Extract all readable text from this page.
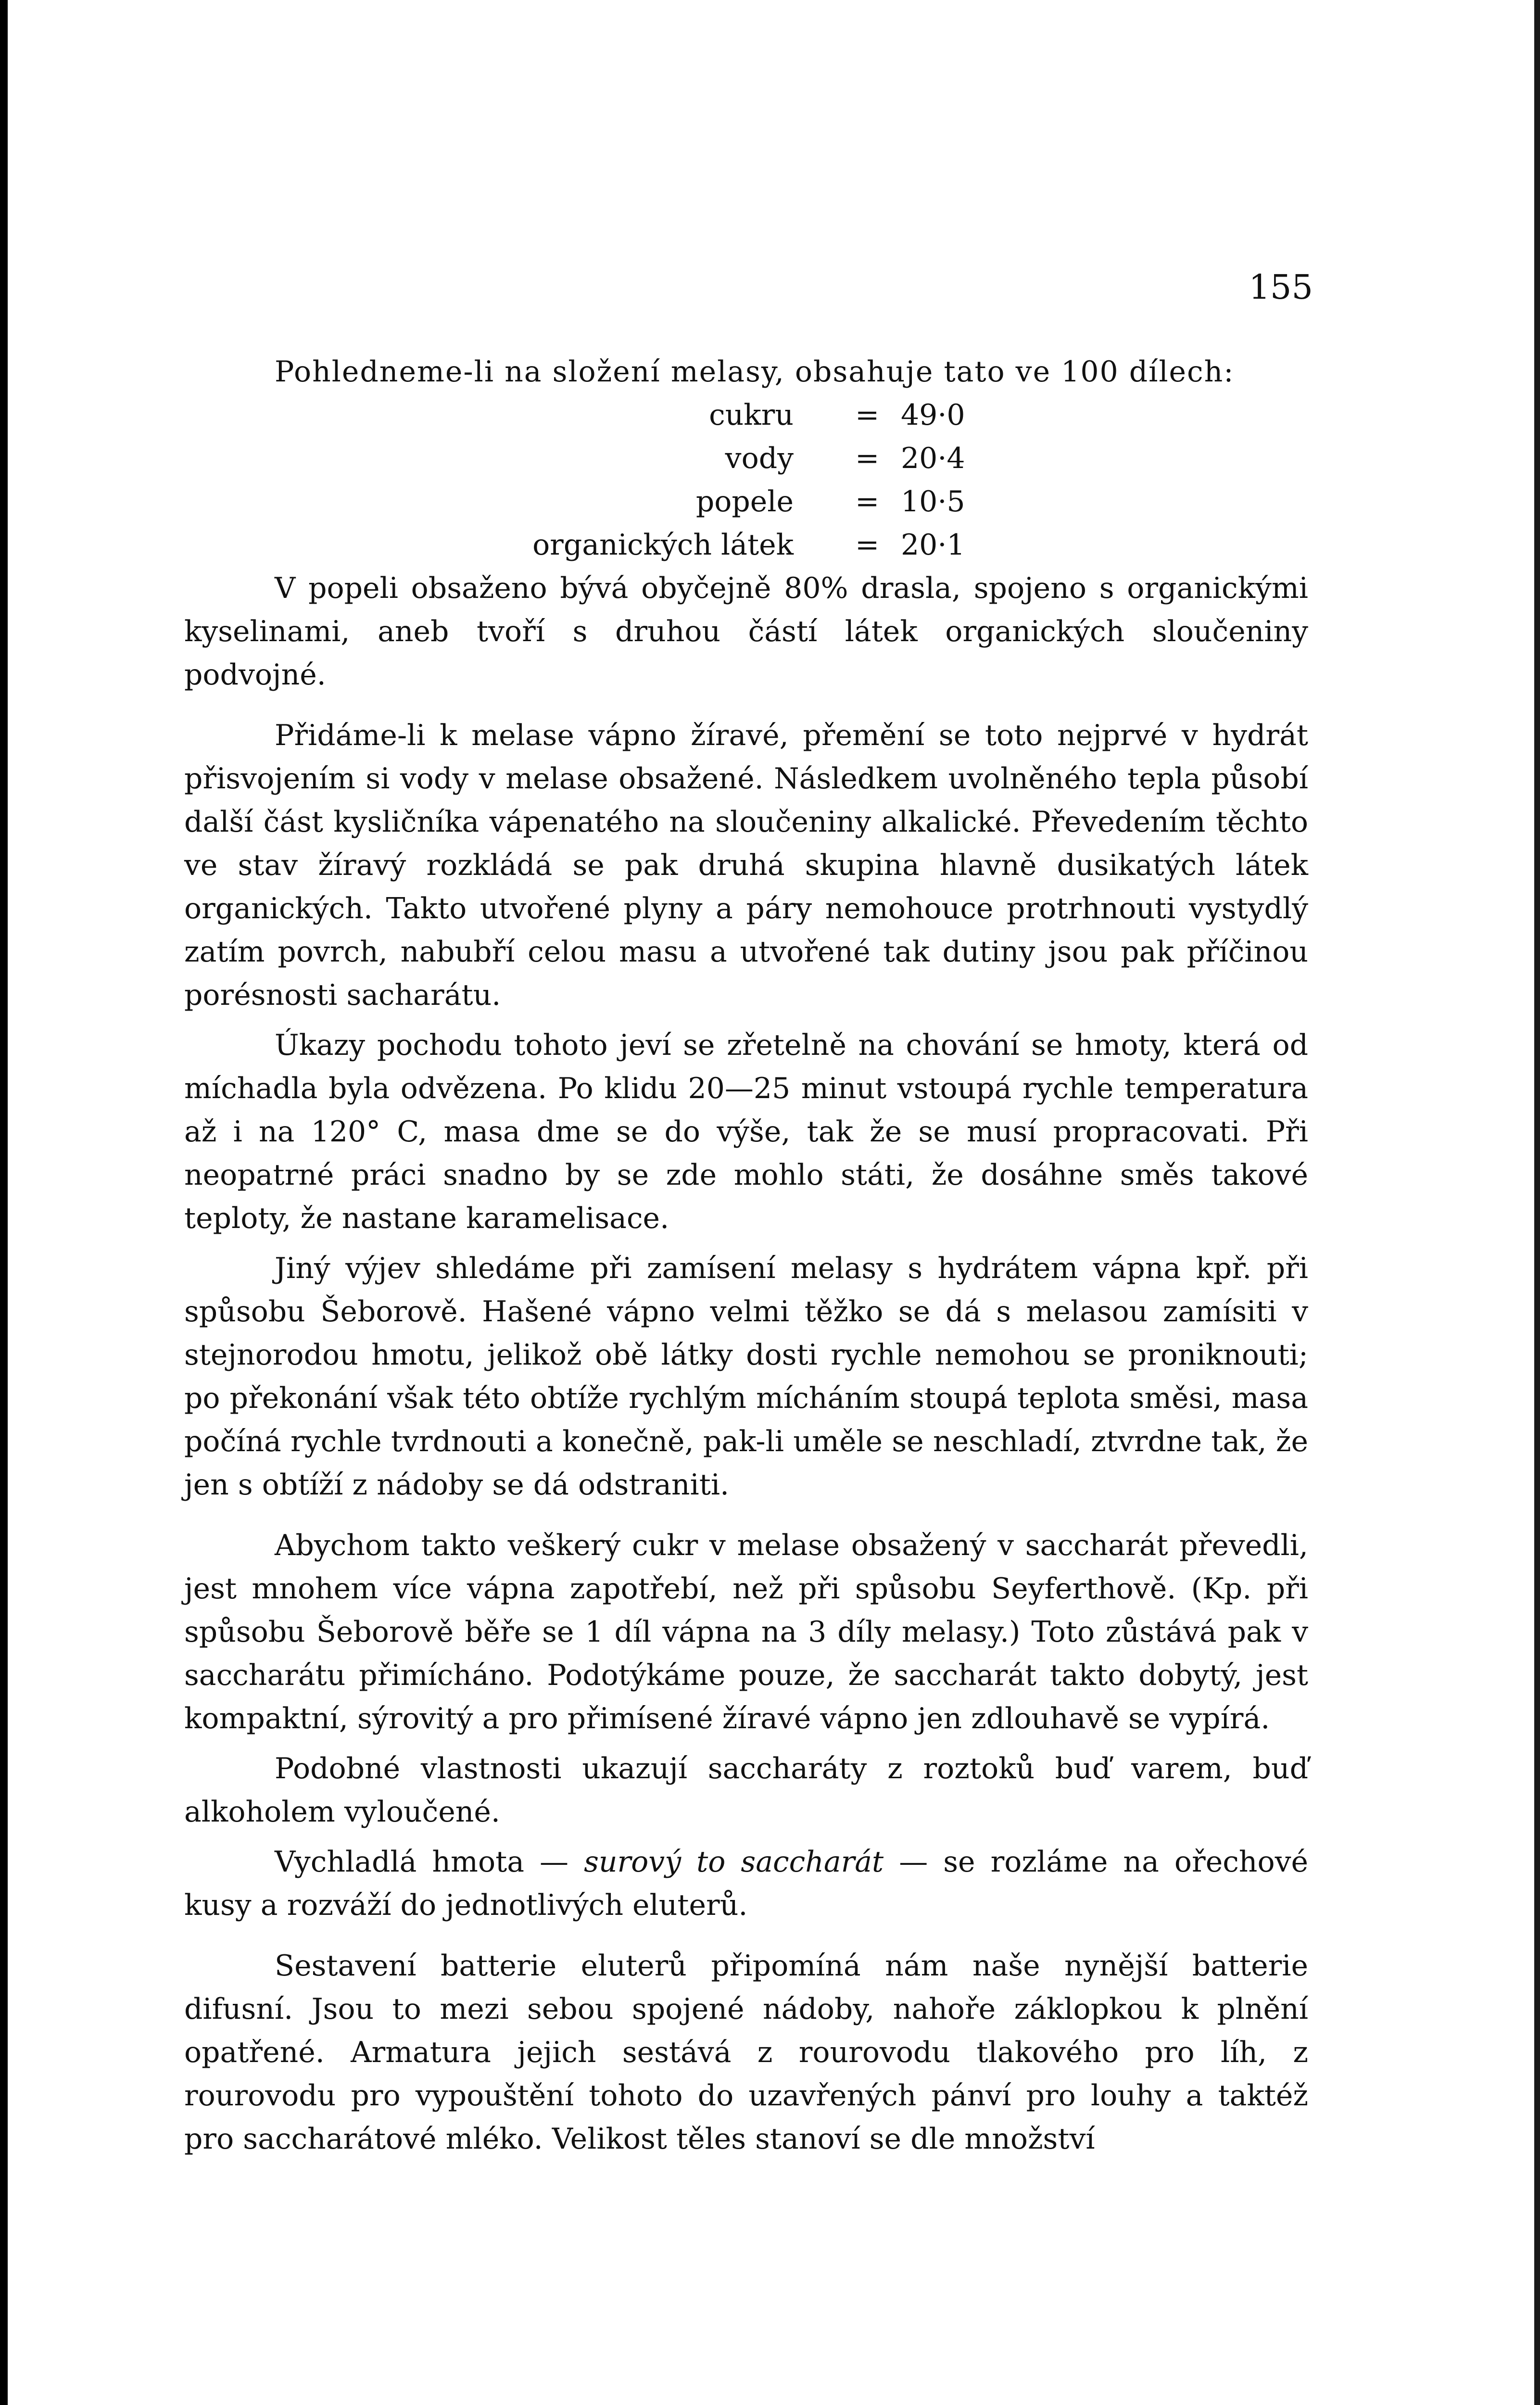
155

Pohledneme-li na složení melasy, obsahuje tato ve 100 dílech:

cukru = 49·0
vody = 20·4
popele = 10·5
organických látek = 20·1

V popeli obsaženo bývá obyčejně 80% drasla, spojeno s organickými kyselinami, aneb tvoří s druhou částí látek organických sloučeniny podvojné.

Přidáme-li k melase vápno žíravé, přemění se toto nejprvé v hydrát přisvojením si vody v melase obsažené. Následkem uvolněného tepla působí další část kysličníka vápenatého na sloučeniny alkalické. Převedením těchto ve stav žíravý rozkládá se pak druhá skupina hlavně dusikatých látek organických. Takto utvořené plyny a páry nemohouce protrhnouti vystydlý zatím povrch, nabubří celou masu a utvořené tak dutiny jsou pak příčinou porésnosti sacharátu.

Úkazy pochodu tohoto jeví se zřetelně na chování se hmoty, která od míchadla byla odvězena. Po klidu 20—25 minut vstoupá rychle temperatura až i na 120° C, masa dme se do výše, tak že se musí propracovati. Při neopatrné práci snadno by se zde mohlo státi, že dosáhne směs takové teploty, že nastane karamelisace.

Jiný výjev shledáme při zamísení melasy s hydrátem vápna kpř. při spůsobu Šeborově. Hašené vápno velmi těžko se dá s melasou zamísiti v stejnorodou hmotu, jelikož obě látky dosti rychle nemohou se proniknouti; po překonání však této obtíže rychlým mícháním stoupá teplota směsi, masa počíná rychle tvrdnouti a konečně, pak-li uměle se neschladí, ztvrdne tak, že jen s obtíží z nádoby se dá odstraniti.

Abychom takto veškerý cukr v melase obsažený v saccharát převedli, jest mnohem více vápna zapotřebí, než při spůsobu Seyferthově. (Kp. při spůsobu Šeborově běře se 1 díl vápna na 3 díly melasy.) Toto zůstává pak v saccharátu přimícháno. Podotýkáme pouze, že saccharát takto dobytý, jest kompaktní, sýrovitý a pro přimísené žíravé vápno jen zdlouhavě se vypírá.

Podobné vlastnosti ukazují saccharáty z roztoků buď varem, buď alkoholem vyloučené.

Vychladlá hmota — surový to saccharát — se rozláme na ořechové kusy a rozváží do jednotlivých eluterů.

Sestavení batterie eluterů připomíná nám naše nynější batterie difusní. Jsou to mezi sebou spojené nádoby, nahoře záklopkou k plnění opatřené. Armatura jejich sestává z rourovodu tlakového pro líh, z rourovodu pro vypouštění tohoto do uzavřených pánví pro louhy a taktéž pro saccharátové mléko. Velikost těles stanoví se dle množství
